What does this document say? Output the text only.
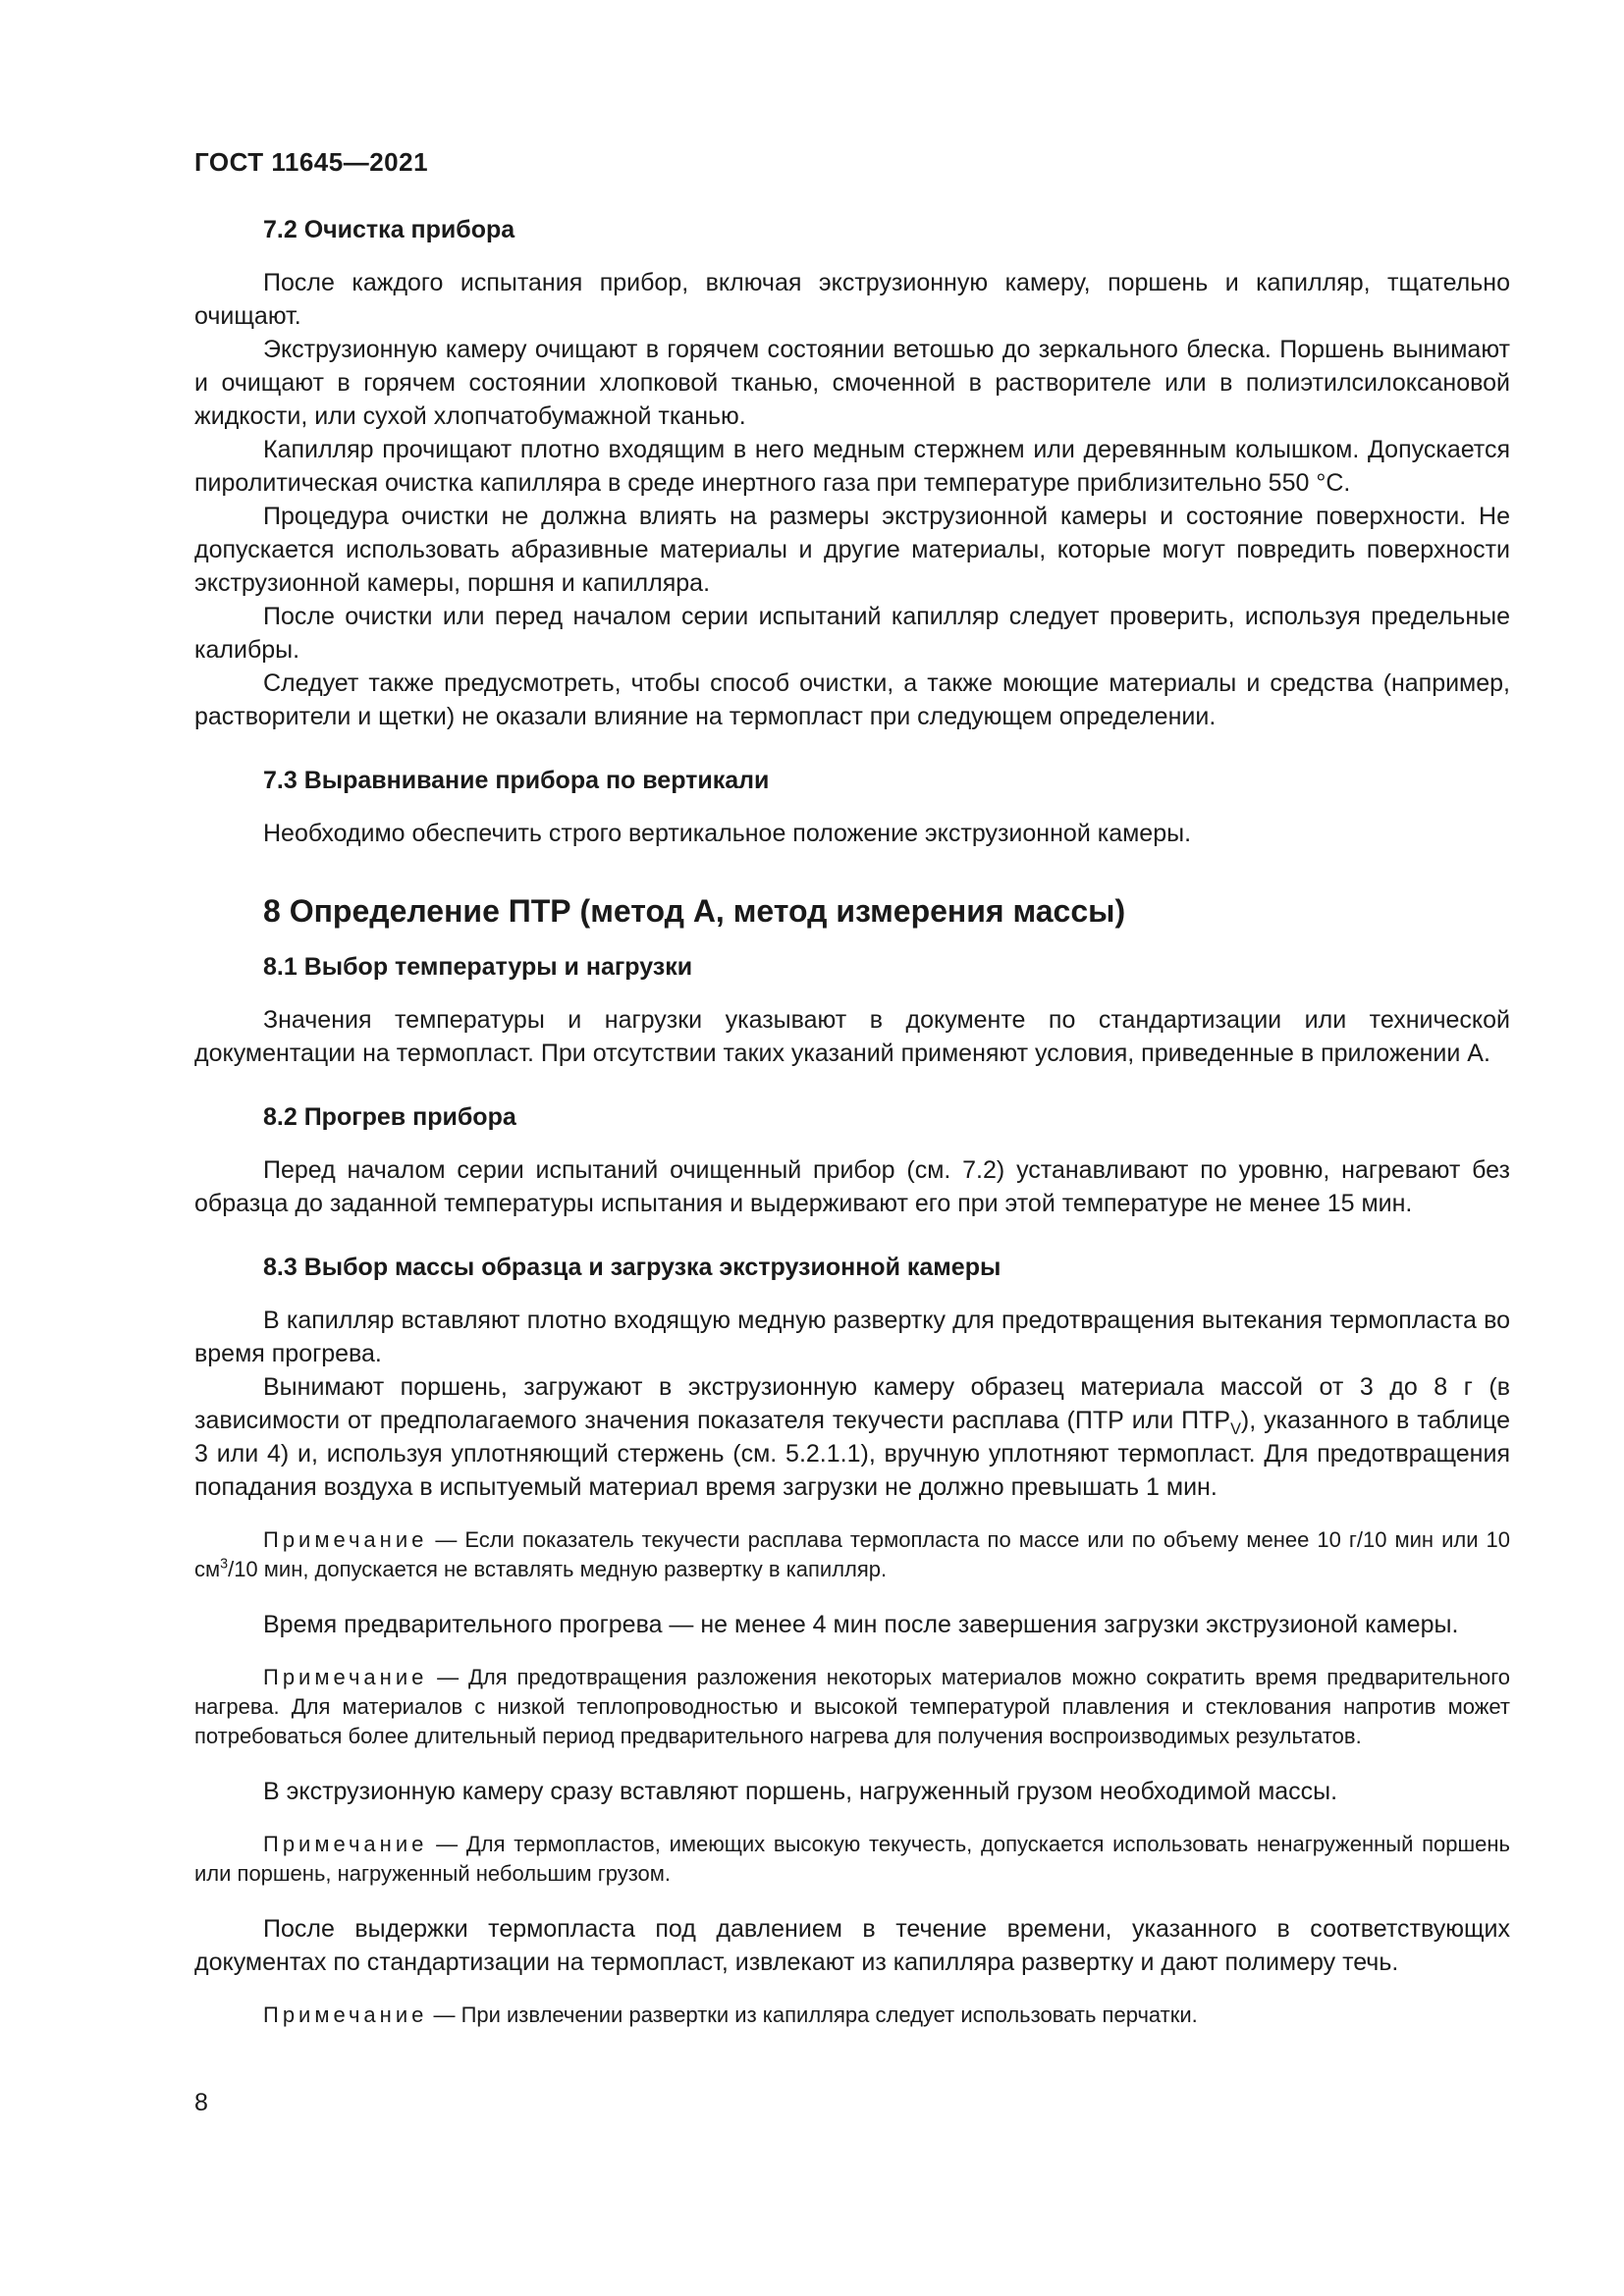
ГОСТ 11645—2021
7.2 Очистка прибора

После каждого испытания прибор, включая экструзионную камеру, поршень и капилляр, тщательно очищают.

Экструзионную камеру очищают в горячем состоянии ветошью до зеркального блеска. Поршень вынимают и очищают в горячем состоянии хлопковой тканью, смоченной в растворителе или в полиэтилсилоксановой жидкости, или сухой хлопчатобумажной тканью.

Капилляр прочищают плотно входящим в него медным стержнем или деревянным колышком. Допускается пиролитическая очистка капилляра в среде инертного газа при температуре приблизительно 550 °С.

Процедура очистки не должна влиять на размеры экструзионной камеры и состояние поверхности. Не допускается использовать абразивные материалы и другие материалы, которые могут повредить поверхности экструзионной камеры, поршня и капилляра.

После очистки или перед началом серии испытаний капилляр следует проверить, используя предельные калибры.

Следует также предусмотреть, чтобы способ очистки, а также моющие материалы и средства (например, растворители и щетки) не оказали влияние на термопласт при следующем определении.

7.3 Выравнивание прибора по вертикали

Необходимо обеспечить строго вертикальное положение экструзионной камеры.

8 Определение ПТР (метод А, метод измерения массы)
8.1 Выбор температуры и нагрузки

Значения температуры и нагрузки указывают в документе по стандартизации или технической документации на термопласт. При отсутствии таких указаний применяют условия, приведенные в приложении А.

8.2 Прогрев прибора

Перед началом серии испытаний очищенный прибор (см. 7.2) устанавливают по уровню, нагревают без образца до заданной температуры испытания и выдерживают его при этой температуре не менее 15 мин.

8.3 Выбор массы образца и загрузка экструзионной камеры

В капилляр вставляют плотно входящую медную развертку для предотвращения вытекания термопласта во время прогрева.

Вынимают поршень, загружают в экструзионную камеру образец материала массой от 3 до 8 г (в зависимости от предполагаемого значения показателя текучести расплава (ПТР или $ПТР_V$), указанного в таблице 3 или 4) и, используя уплотняющий стержень (см. 5.2.1.1), вручную уплотняют термопласт. Для предотвращения попадания воздуха в испытуемый материал время загрузки не должно превышать 1 мин.

Примечание — Если показатель текучести расплава термопласта по массе или по объему менее 10 г/10 мин или 10 $см^3/10$ мин, допускается не вставлять медную развертку в капилляр.

Время предварительного прогрева — не менее 4 мин после завершения загрузки экструзионой камеры.

Примечание — Для предотвращения разложения некоторых материалов можно сократить время предварительного нагрева. Для материалов с низкой теплопроводностью и высокой температурой плавления и стеклования напротив может потребоваться более длительный период предварительного нагрева для получения воспроизводимых результатов.

В экструзионную камеру сразу вставляют поршень, нагруженный грузом необходимой массы.

Примечание — Для термопластов, имеющих высокую текучесть, допускается использовать ненагруженный поршень или поршень, нагруженный небольшим грузом.

После выдержки термопласта под давлением в течение времени, указанного в соответствующих документах по стандартизации на термопласт, извлекают из капилляра развертку и дают полимеру течь.

Примечание — При извлечении развертки из капилляра следует использовать перчатки.

8
